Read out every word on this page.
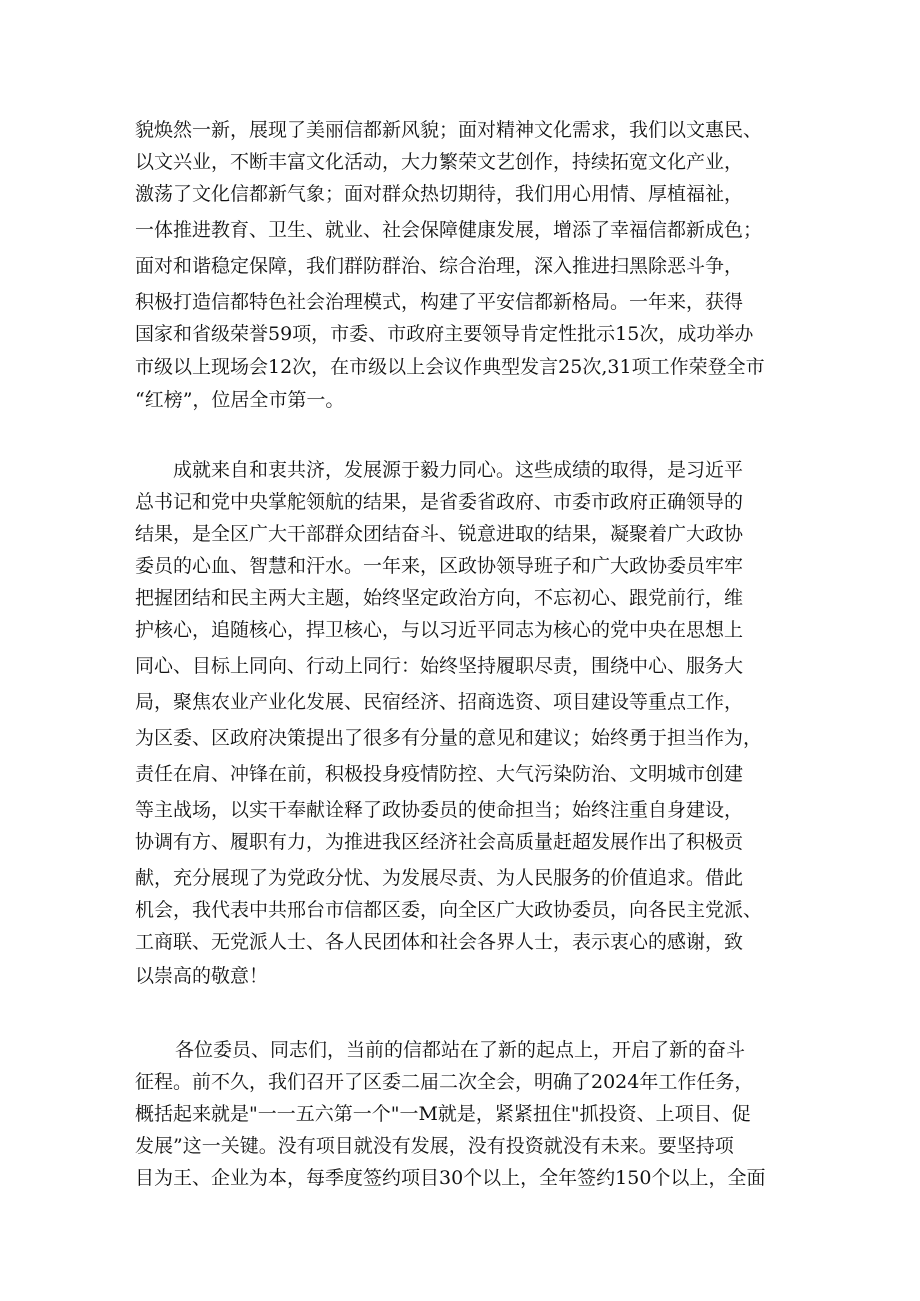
貌焕然一新，展现了美丽信都新风貌；面对精神文化需求，我们以文惠民、

以文兴业，不断丰富文化活动，大力繁荣文艺创作，持续拓宽文化产业，

激荡了文化信都新气象；面对群众热切期待，我们用心用情、厚植福祉，

一体推进教育、卫生、就业、社会保障健康发展，增添了幸福信都新成色；

面对和谐稳定保障，我们群防群治、综合治理，深入推进扫黑除恶斗争，

积极打造信都特色社会治理模式，构建了平安信都新格局。一年来，获得

国家和省级荣誉59项，市委、市政府主要领导肯定性批示15次，成功举办

市级以上现场会12次，在市级以上会议作典型发言25次,31项工作荣登全市

“红榜”，位居全市第一。

成就来自和衷共济，发展源于毅力同心。这些成绩的取得，是习近平

总书记和党中央掌舵领航的结果，是省委省政府、市委市政府正确领导的

结果，是全区广大干部群众团结奋斗、锐意进取的结果，凝聚着广大政协

委员的心血、智慧和汗水。一年来，区政协领导班子和广大政协委员牢牢

把握团结和民主两大主题，始终坚定政治方向，不忘初心、跟党前行，维

护核心，追随核心，捍卫核心，与以习近平同志为核心的党中央在思想上

同心、目标上同向、行动上同行：始终坚持履职尽责，围绕中心、服务大

局，聚焦农业产业化发展、民宿经济、招商选资、项目建设等重点工作，

为区委、区政府决策提出了很多有分量的意见和建议；始终勇于担当作为，

责任在肩、冲锋在前，积极投身疫情防控、大气污染防治、文明城市创建

等主战场，以实干奉献诠释了政协委员的使命担当；始终注重自身建设，

协调有方、履职有力，为推进我区经济社会高质量赶超发展作出了积极贡

献，充分展现了为党政分忧、为发展尽责、为人民服务的价值追求。借此

机会，我代表中共邢台市信都区委，向全区广大政协委员，向各民主党派、

工商联、无党派人士、各人民团体和社会各界人士，表示衷心的感谢，致

以崇高的敬意！

各位委员、同志们，当前的信都站在了新的起点上，开启了新的奋斗

征程。前不久，我们召开了区委二届二次全会，明确了2024年工作任务，

概括起来就是"一一五六第一个"一M就是，紧紧扭住"抓投资、上项目、促

发展”这一关键。没有项目就没有发展，没有投资就没有未来。要坚持项

目为王、企业为本，每季度签约项目30个以上，全年签约150个以上，全面
